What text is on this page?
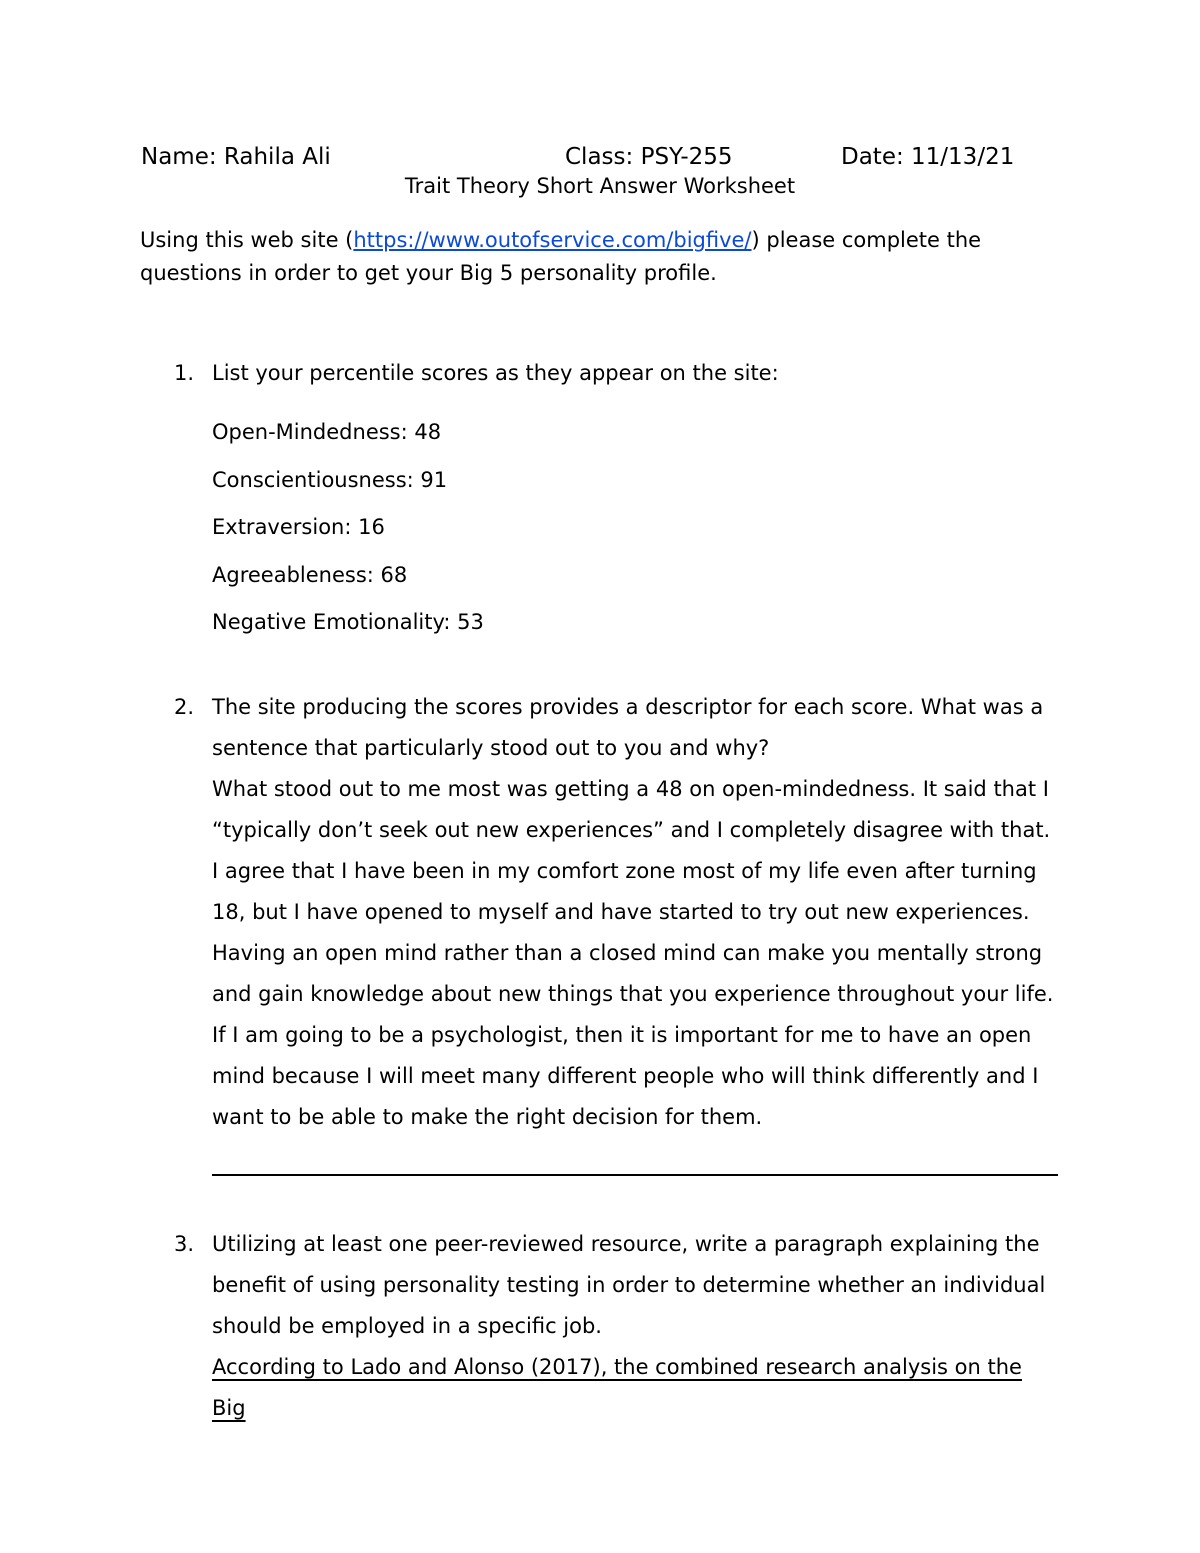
Name: Rahila Ali	Class: PSY-255	Date: 11/13/21
Trait Theory Short Answer Worksheet
Using this web site (https://www.outofservice.com/bigfive/) please complete the questions in order to get your Big 5 personality profile.
1. List your percentile scores as they appear on the site:
Open-Mindedness: 48
Conscientiousness: 91
Extraversion: 16
Agreeableness: 68
Negative Emotionality: 53
2. The site producing the scores provides a descriptor for each score. What was a sentence that particularly stood out to you and why?
What stood out to me most was getting a 48 on open-mindedness. It said that I “typically don’t seek out new experiences” and I completely disagree with that. I agree that I have been in my comfort zone most of my life even after turning 18, but I have opened to myself and have started to try out new experiences. Having an open mind rather than a closed mind can make you mentally strong and gain knowledge about new things that you experience throughout your life. If I am going to be a psychologist, then it is important for me to have an open mind because I will meet many different people who will think differently and I want to be able to make the right decision for them.
3. Utilizing at least one peer-reviewed resource, write a paragraph explaining the benefit of using personality testing in order to determine whether an individual should be employed in a specific job.
According to Lado and Alonso (2017), the combined research analysis on the Big
